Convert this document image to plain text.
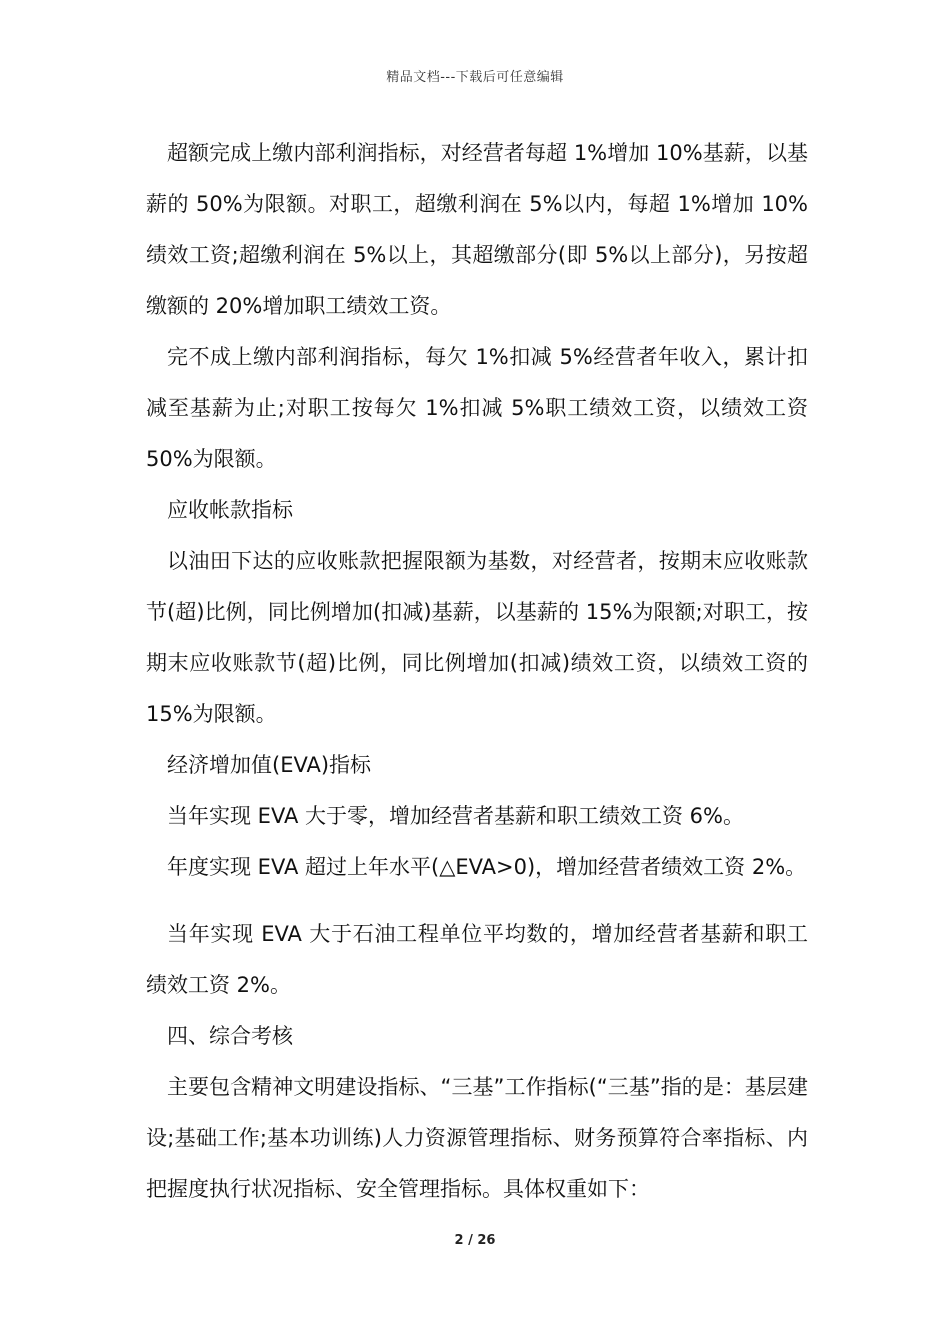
精品文档---下载后可任意编辑

超额完成上缴内部利润指标，对经营者每超 1%增加 10%基薪，以基薪的 50%为限额。对职工，超缴利润在 5%以内，每超 1%增加 10%绩效工资;超缴利润在 5%以上，其超缴部分(即 5%以上部分)，另按超缴额的 20%增加职工绩效工资。

完不成上缴内部利润指标，每欠 1%扣减 5%经营者年收入，累计扣减至基薪为止;对职工按每欠 1%扣减 5%职工绩效工资，以绩效工资 50%为限额。

应收帐款指标

以油田下达的应收账款把握限额为基数，对经营者，按期末应收账款节(超)比例，同比例增加(扣减)基薪，以基薪的 15%为限额;对职工，按期末应收账款节(超)比例，同比例增加(扣减)绩效工资，以绩效工资的 15%为限额。

经济增加值(EVA)指标

当年实现 EVA 大于零，增加经营者基薪和职工绩效工资 6%。

年度实现 EVA 超过上年水平(△EVA>0)，增加经营者绩效工资 2%。

当年实现 EVA 大于石油工程单位平均数的，增加经营者基薪和职工绩效工资 2%。

四、综合考核

主要包含精神文明建设指标、“三基”工作指标(“三基”指的是：基层建设;基础工作;基本功训练)人力资源管理指标、财务预算符合率指标、内把握度执行状况指标、安全管理指标。具体权重如下：

2 / 26
